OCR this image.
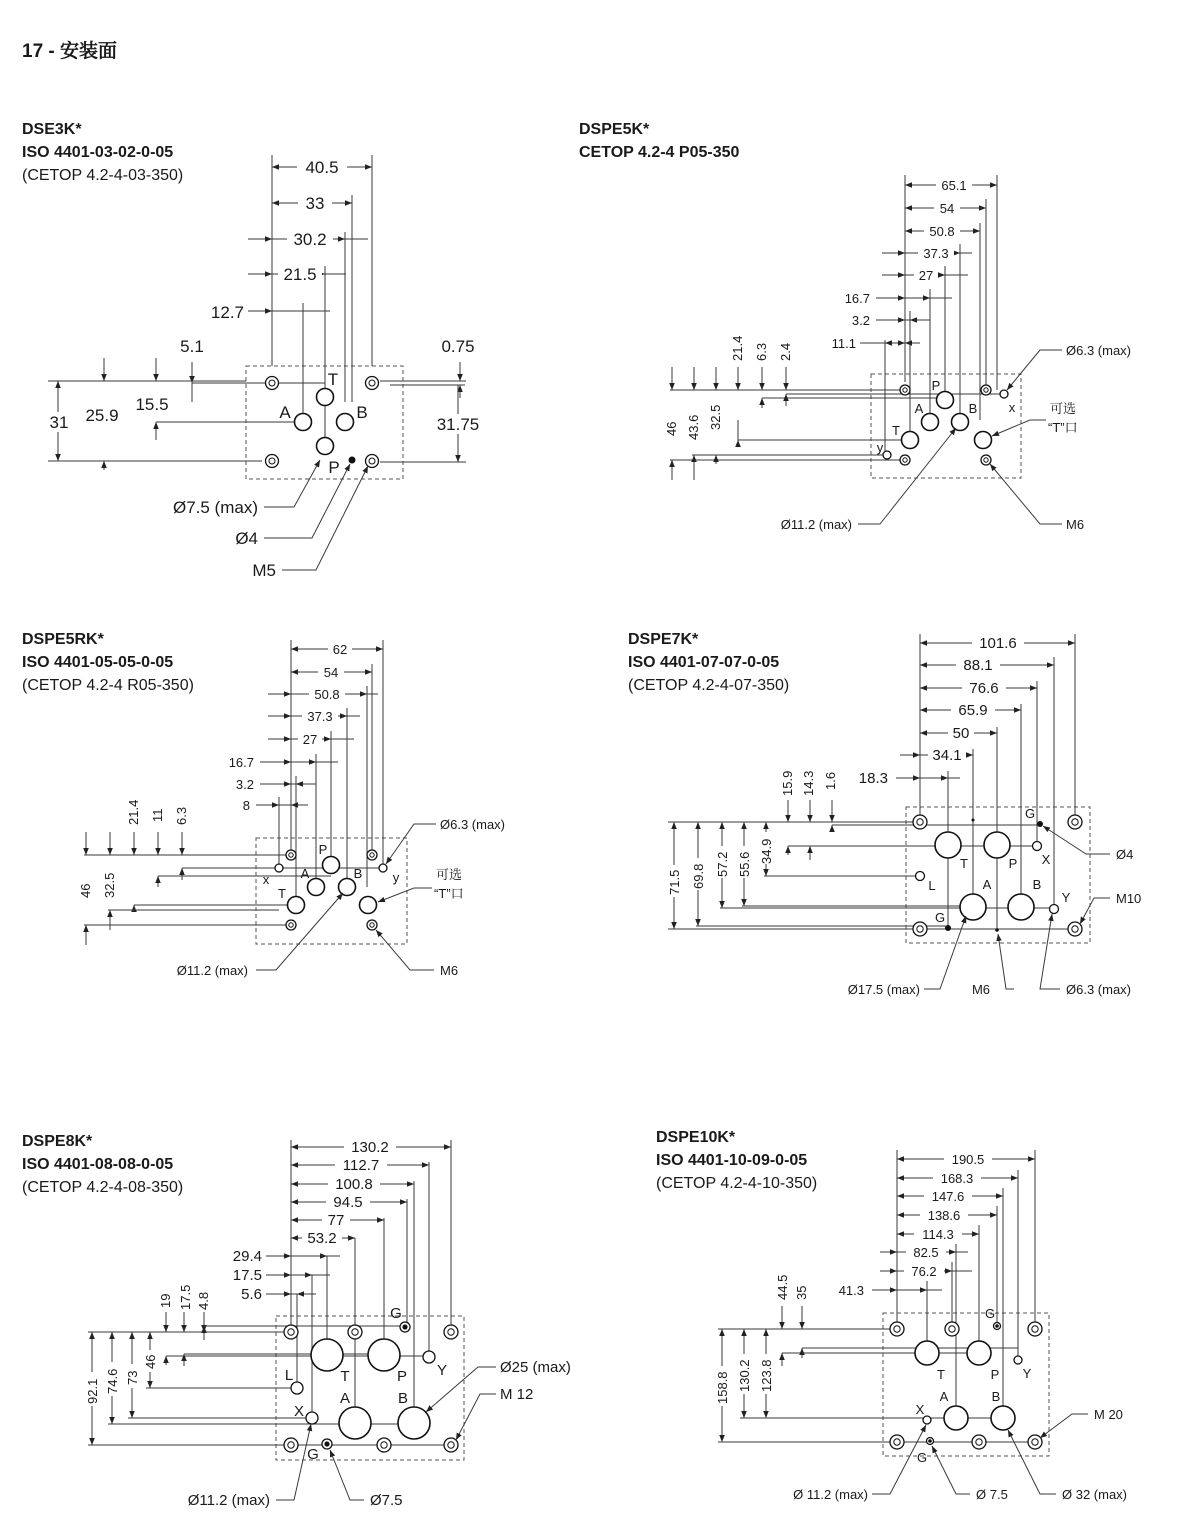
17 - 安装面
DSE3K*
ISO 4401-03-02-0-05
(CETOP 4.2-4-03-350)
DSPE5K*
CETOP 4.2-4 P05-350
DSPE5RK*
ISO 4401-05-05-0-05
(CETOP 4.2-4 R05-350)
DSPE7K*
ISO 4401-07-07-0-05
(CETOP 4.2-4-07-350)
DSPE8K*
ISO 4401-08-08-0-05
(CETOP 4.2-4-08-350)
DSPE10K*
ISO 4401-10-09-0-05
(CETOP 4.2-4-10-350)
40.5
33
30.2
21.5
12.7
5.1	0.75
31 25.9
15.5
31.75
T
A	B
P
Ø7.5 (max)
Ø4
M5
65.1
54
50.8
37.3
27
16.7
3.2
11.1
21.4 6.3 2.4
46 43.6 32.5
P
A	B
T
x
y
Ø6.3 (max)
可选
“T”口
Ø11.2 (max)	M6
62
54
50.8
37.3
27
16.7
3.2
8
21.4 11 6.3
46 32.5
P
A	B
T
x	y
Ø6.3 (max)
可选
“T”口
Ø11.2 (max)	M6
101.6
88.1
76.6
65.9
50
34.1
18.3
15.9 14.3 1.6
71.5 69.8 57.2 55.6
34.9
G
T	P X
L	A	B
G
Y
Ø4
M10
Ø17.5 (max)	M6	Ø6.3 (max)
130.2
112.7
100.8
94.5
77
53.2
29.4
17.5
5.6
19 17.5 4.8
92.1 74.6 73
46
G
T	P Y
L
A	B
X
G
Ø25 (max)
M 12
Ø11.2 (max)	Ø7.5
190.5
168.3
147.6
138.6
114.3
82.5
76.2
41.3
44.5 35
158.8 130.2 123.8
G
T	P Y
A	B
X
G
M 20
Ø 11.2 (max)	Ø 7.5	Ø 32 (max)
